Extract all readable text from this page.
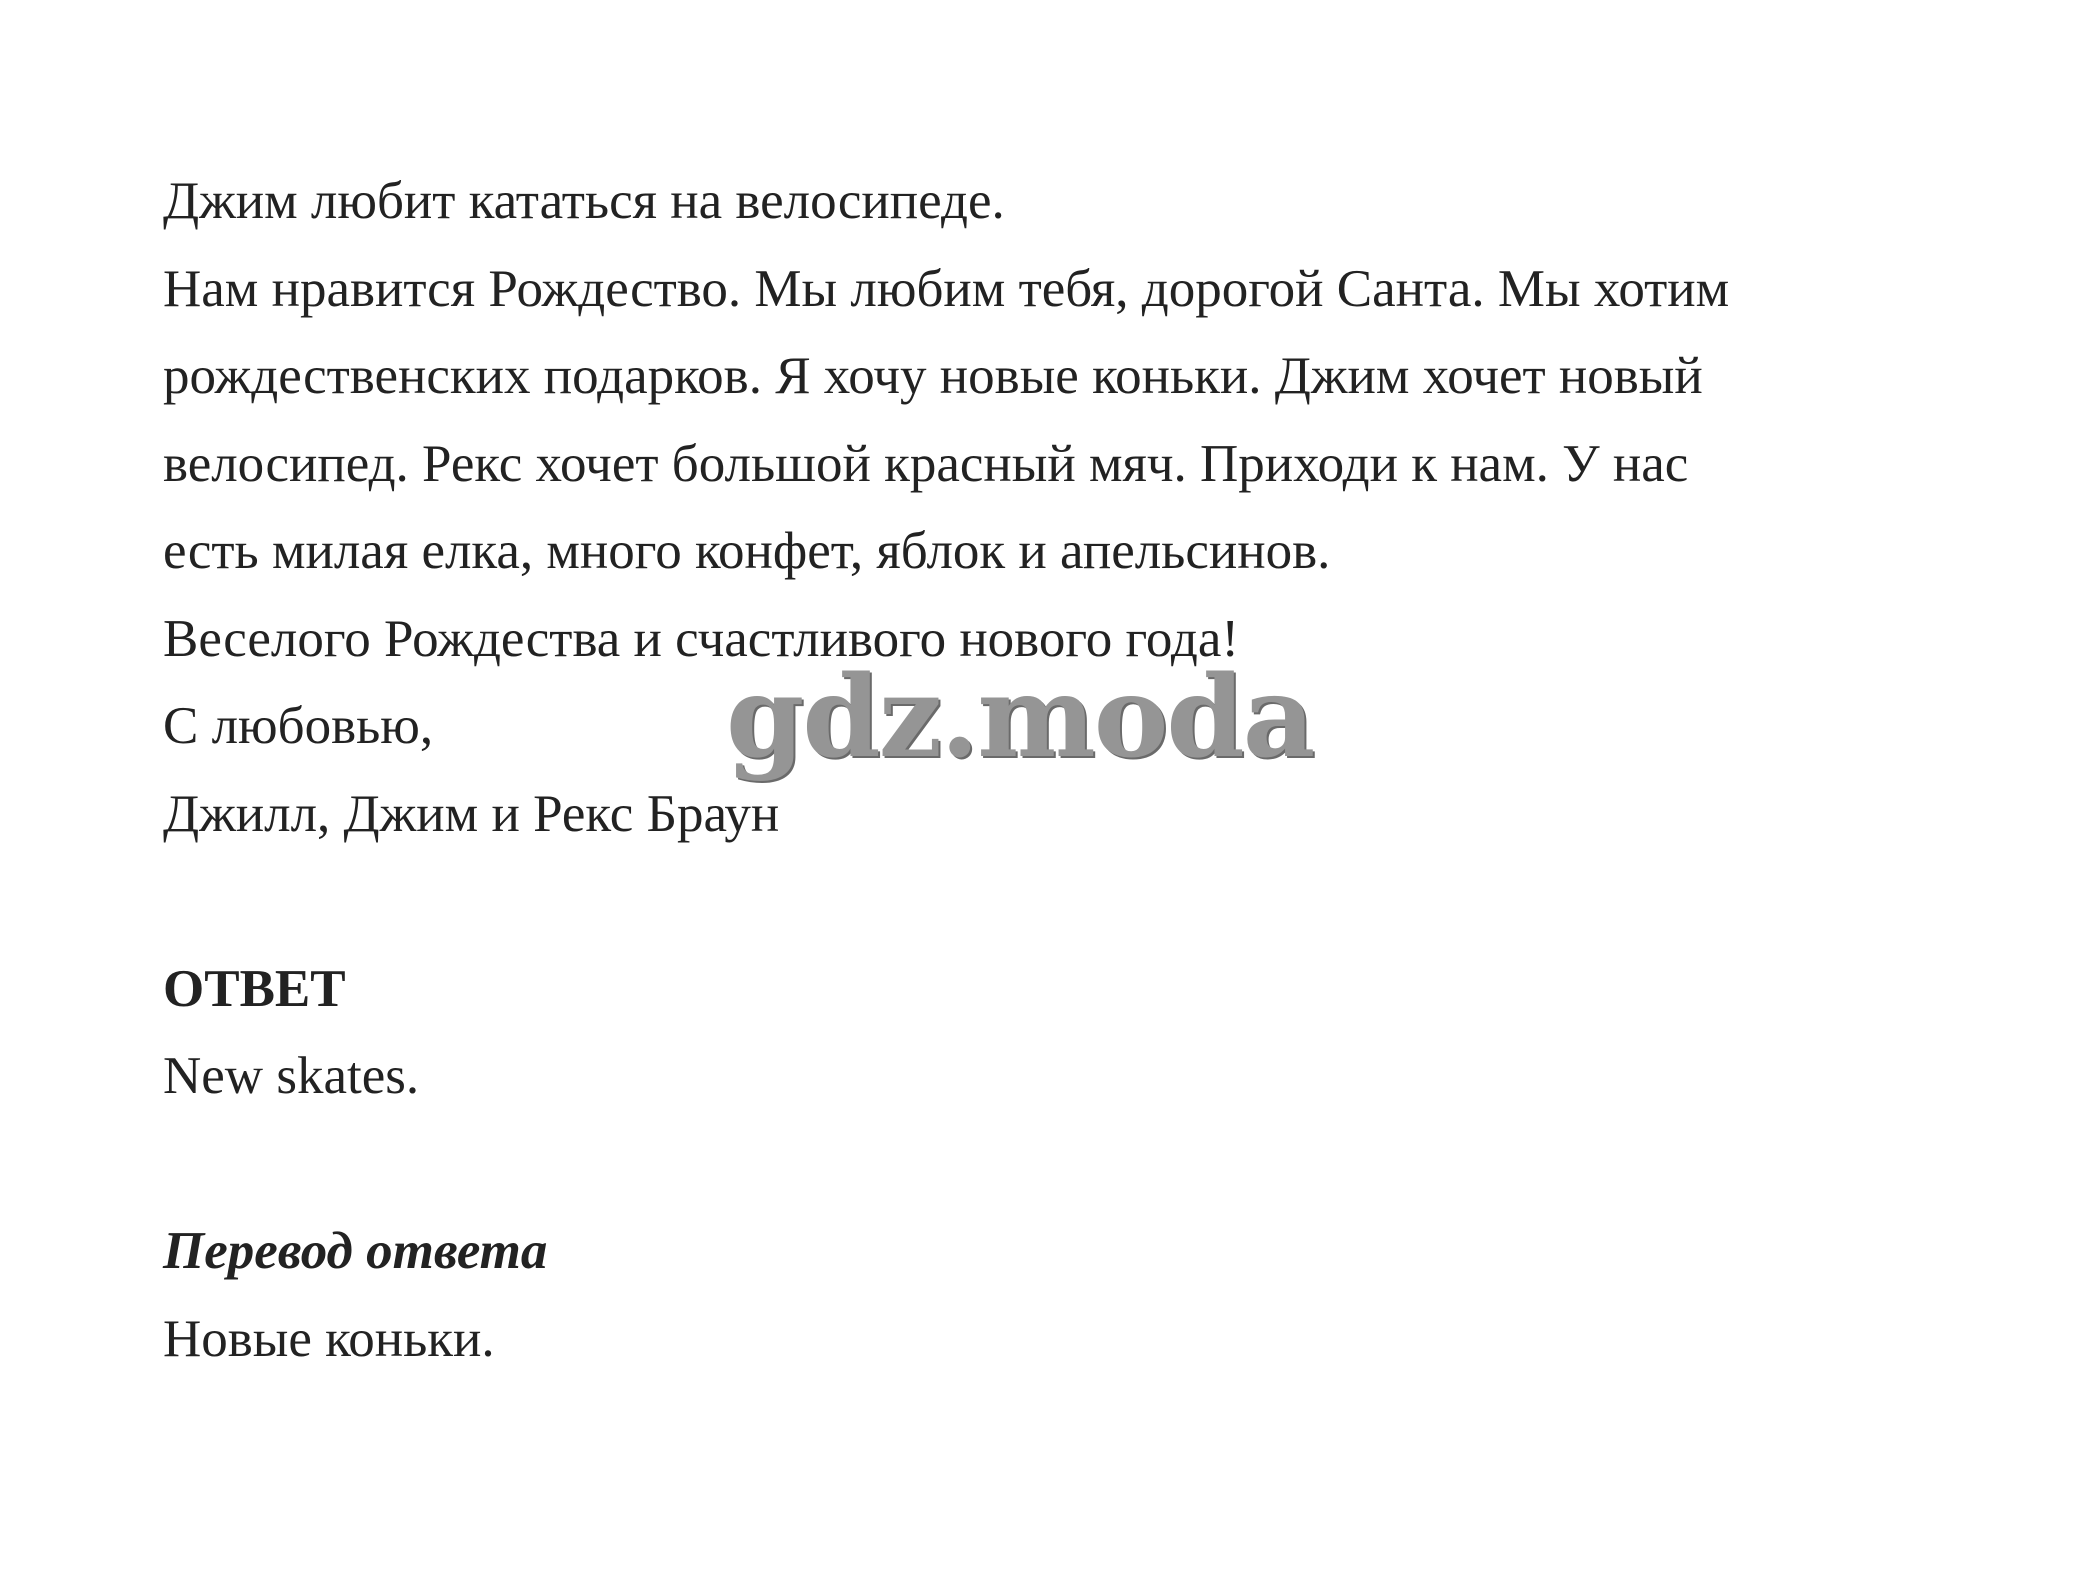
Джим любит кататься на велосипеде.
Нам нравится Рождество. Мы любим тебя, дорогой Санта. Мы хотим
рождественских подарков. Я хочу новые коньки. Джим хочет новый
велосипед. Рекс хочет большой красный мяч. Приходи к нам. У нас
есть милая елка, много конфет, яблок и апельсинов.
Веселого Рождества и счастливого нового года!
С любовью,
Джилл, Джим и Рекс Браун
ОТВЕТ
New skates.
Перевод ответа
Новые коньки.
gdz.moda
